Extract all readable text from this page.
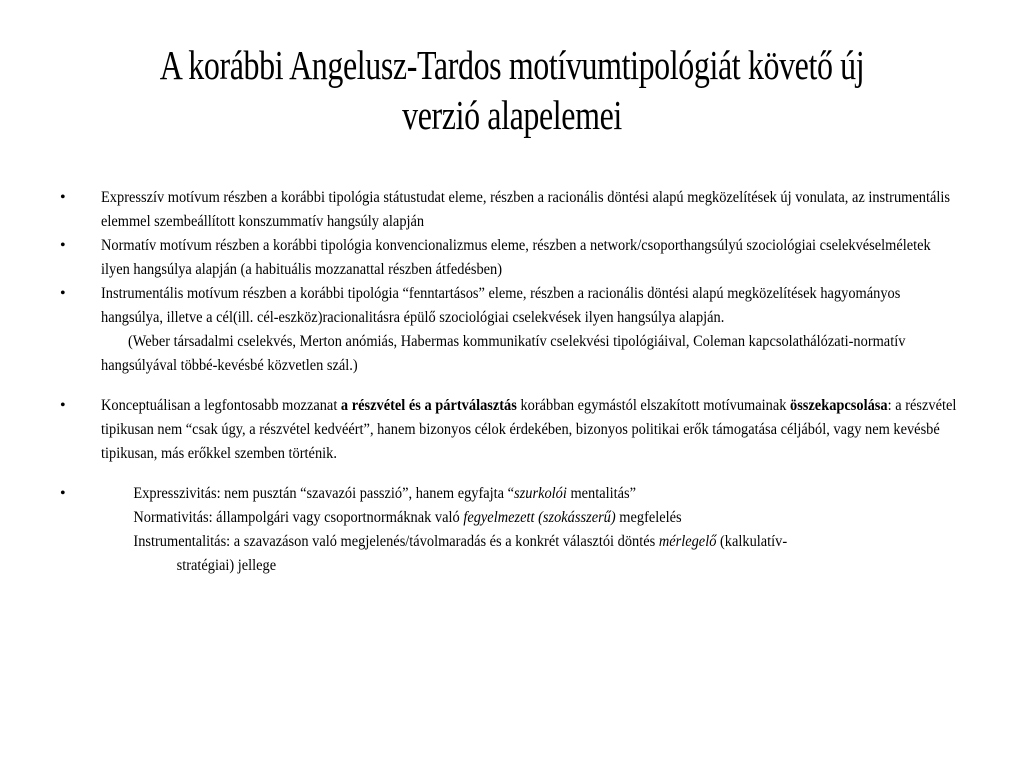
A korábbi Angelusz-Tardos motívumtipológiát követő új verzió alapelemei
• Expresszív motívum részben a korábbi tipológia státustudat eleme, részben a racionális döntési alapú megközelítések új vonulata, az instrumentális elemmel szembeállított konszummatív hangsúly alapján
• Normatív motívum részben a korábbi tipológia konvencionalizmus eleme, részben a network/csoporthangsúlyú szociológiai cselekvéselméletek ilyen hangsúlya alapján (a habituális mozzanattal részben átfedésben)
• Instrumentális motívum részben a korábbi tipológia “fenntartásos” eleme, részben a racionális döntési alapú megközelítések hagyományos hangsúlya, illetve a cél(ill. cél-eszköz)racionalitásra épülő szociológiai cselekvések ilyen hangsúlya alapján.
(Weber társadalmi cselekvés, Merton anómiás, Habermas kommunikatív cselekvési tipológiáival, Coleman kapcsolathálózati-normatív hangsúlyával többé-kevésbé közvetlen szál.)
• Konceptuálisan a legfontosabb mozzanat a részvétel és a pártválasztás korábban egymástól elszakított motívumainak összekapcsolása: a részvétel tipikusan nem “csak úgy, a részvétel kedvéért”, hanem bizonyos célok érdekében, bizonyos politikai erők támogatása céljából, vagy nem kevésbé tipikusan, más erőkkel szemben történik.
•	Expresszivitás: nem pusztán “szavazói passzió”, hanem egyfajta “szurkolói mentalitás”
Normativitás: állampolgári vagy csoportnormáknak való fegyelmezett (szokásszerű) megfelelés
Instrumentalitás: a szavazáson való megjelenés/távolmaradás és a konkrét választói döntés mérlegelő (kalkulatív-
stratégiai) jellege
